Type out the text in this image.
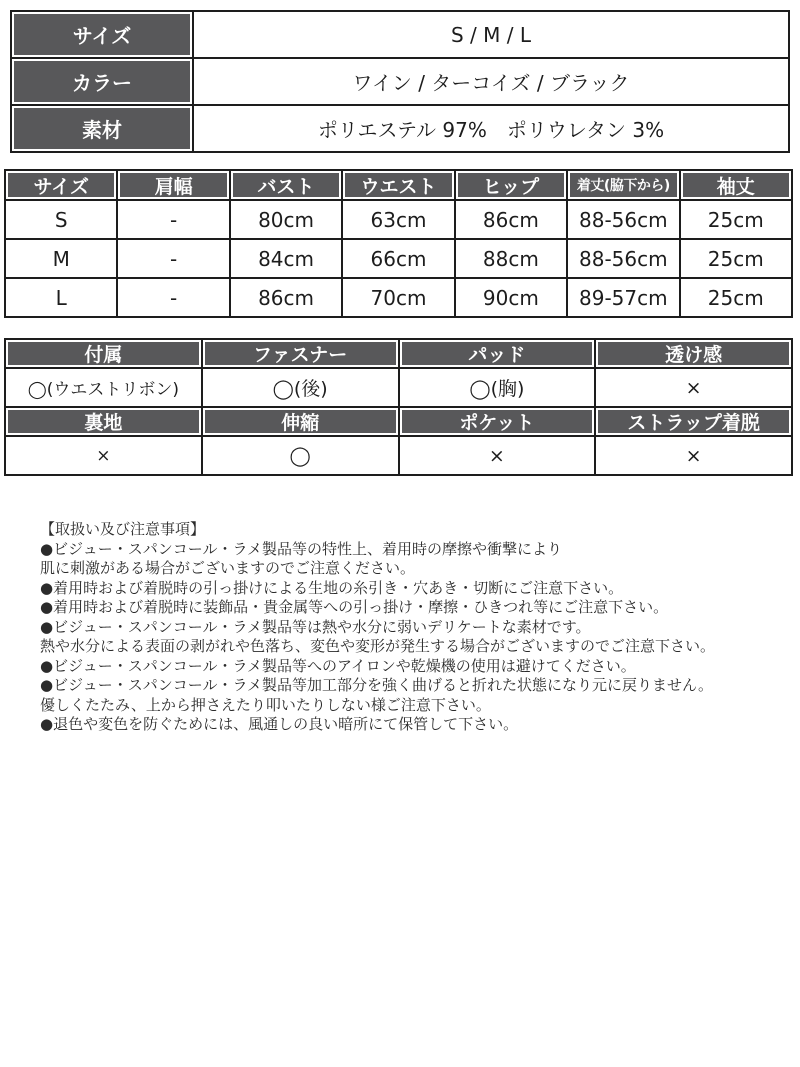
サイズ	S / M / L
カラー	ワイン / ターコイズ / ブラック
素材	ポリエステル 97%　ポリウレタン 3%
サイズ	肩幅	バスト	ウエスト	ヒップ	着丈(脇下から)	袖丈
S	-	80cm	63cm	86cm	88-56cm	25cm
M	-	84cm	66cm	88cm	88-56cm	25cm
L	-	86cm	70cm	90cm	89-57cm	25cm
付属	ファスナー	パッド	透け感
◯(ウエストリボン)	◯(後)	◯(胸)	×
裏地	伸縮	ポケット	ストラップ着脱
×	◯	×	×
【取扱い及び注意事項】
●ビジュー・スパンコール・ラメ製品等の特性上、着用時の摩擦や衝撃により
肌に刺激がある場合がございますのでご注意ください。
●着用時および着脱時の引っ掛けによる生地の糸引き・穴あき・切断にご注意下さい。
●着用時および着脱時に装飾品・貴金属等への引っ掛け・摩擦・ひきつれ等にご注意下さい。
●ビジュー・スパンコール・ラメ製品等は熱や水分に弱いデリケートな素材です。
熱や水分による表面の剥がれや色落ち、変色や変形が発生する場合がございますのでご注意下さい。
●ビジュー・スパンコール・ラメ製品等へのアイロンや乾燥機の使用は避けてください。
●ビジュー・スパンコール・ラメ製品等加工部分を強く曲げると折れた状態になり元に戻りません。
優しくたたみ、上から押さえたり叩いたりしない様ご注意下さい。
●退色や変色を防ぐためには、風通しの良い暗所にて保管して下さい。
